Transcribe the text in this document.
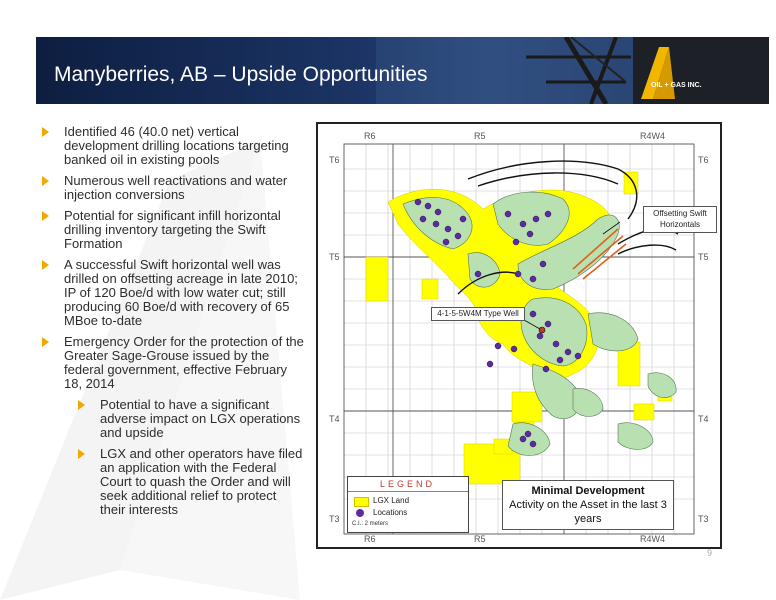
Manyberries, AB – Upside Opportunities
LGX
OIL + GAS INC.
Identified 46 (40.0 net) vertical development drilling locations targeting banked oil in existing pools
Numerous well reactivations and water injection conversions
Potential for significant infill horizontal drilling inventory targeting the Swift Formation
A successful Swift horizontal well was drilled on offsetting acreage in late 2010; IP of 120 Boe/d with low water cut; still producing 60 Boe/d with recovery of 65 MBoe to-date
Emergency Order for the protection of the Greater Sage-Grouse issued by the federal government, effective February 18, 2014
Potential to have a significant adverse impact on LGX operations and upside
LGX and other operators have filed an application with the Federal Court to quash the Order and will seek additional relief to protect their interests
R6	R5	R4W4
R6	R5	R4W4
T6
T5
T4
T3
T6
T5
T4
T3
Offsetting Swift Horizontals
4-1-5-5W4M Type Well
LEGEND
LGX Land
Locations
C.I.: 2 meters
Minimal Development
Activity on the Asset in the last 3 years
9
